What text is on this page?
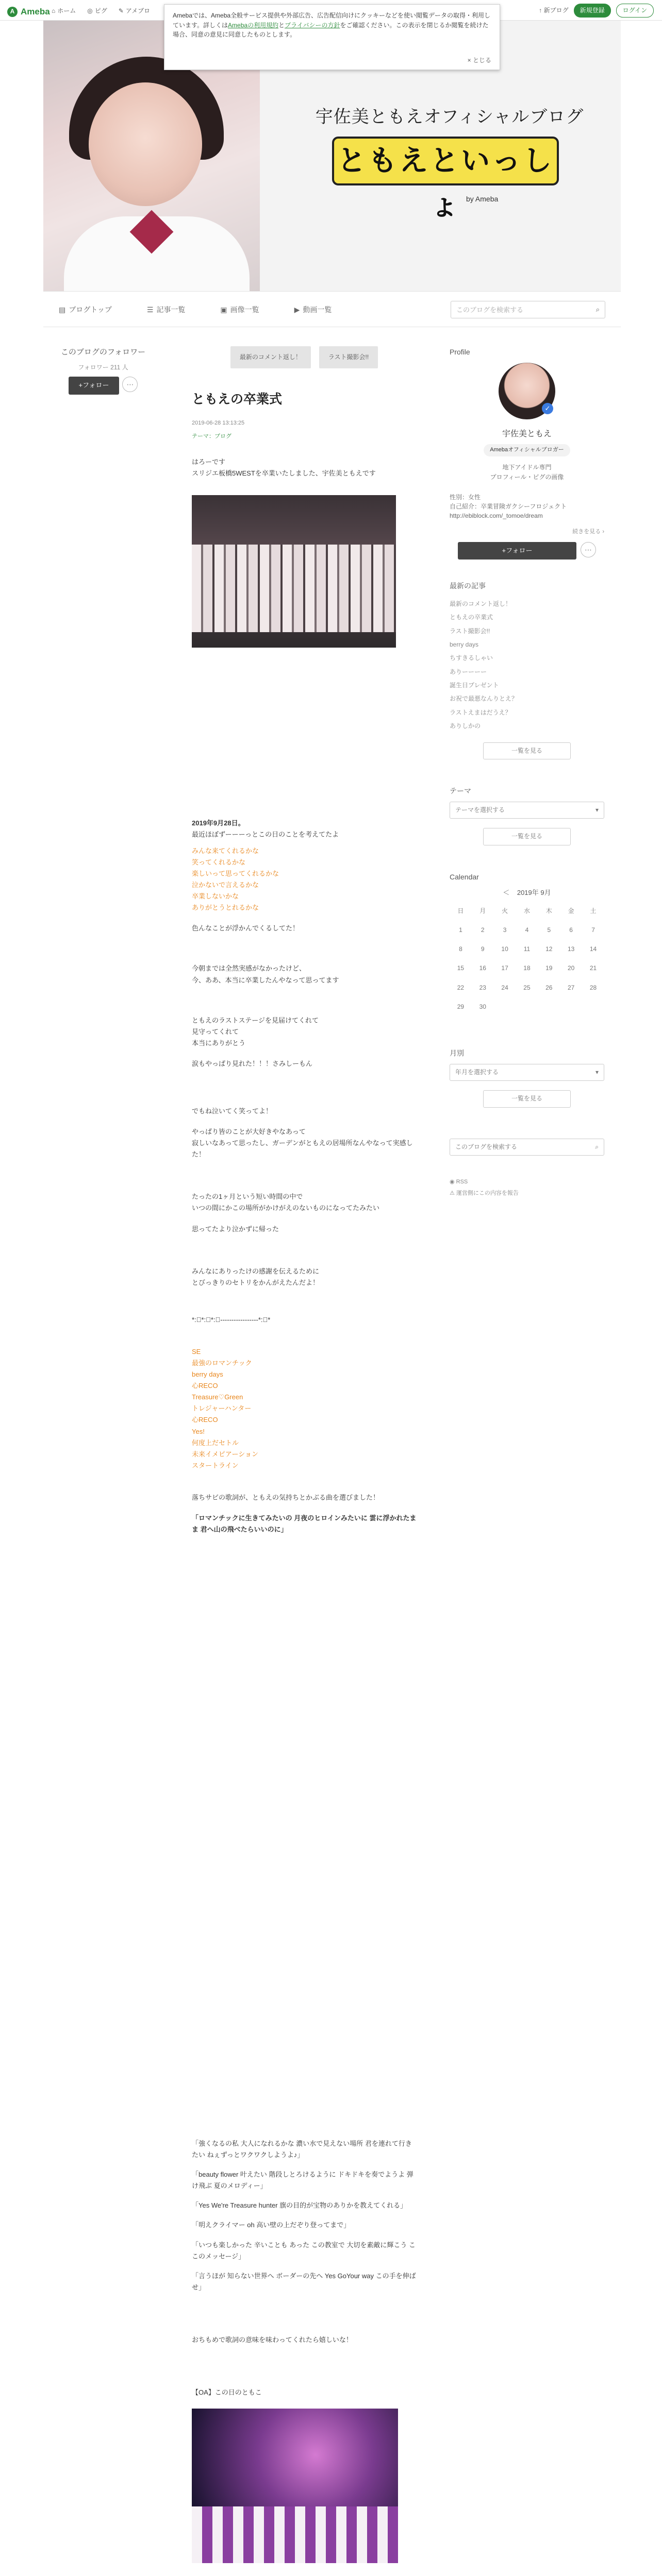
A Ameba ⌂ ホーム ◎ ピグ ✎ アメブロ	↑ 新ブログ	新規登録	ログイン
Amebaでは、Ameba全般サービス提供や外部広告、広告配信向けにクッキーなどを使い閲覧データの取得・利用しています。詳しくはAmebaの利用規約とプライバシーの方針をご確認ください。この表示を閉じるか閲覧を続けた場合、同意の意見に同意したものとします。
× とじる
宇佐美ともえオフィシャルブログ
ともえといっしょ by Ameba
▤ ブログトップ	☰ 記事一覧	▣ 画像一覧	▶ 動画一覧	このブログを検索する	⌕
このブログのフォロワー
フォロワー 211 人
+フォロー	⋯
最新のコメント返し！	ラスト撮影会!!
ともえの卒業式
2019-06-28 13:13:25
テーマ：ブログ

はろーです

スリジエ板橋5WESTを卒業いたしました、宇佐美ともえです

2019年9月28日。

最近ほぼずーーーっとこの日のことを考えてたよ

みんな来てくれるかな

笑ってくれるかな

楽しいって思ってくれるかな

泣かないで言えるかな

卒業しないかな

ありがとうとれるかな

色んなことが浮かんでくるしてた！

今朝までは全然実感がなかったけど、

今、ああ、本当に卒業したんやなって思ってます

ともえのラストステージを見届けてくれて

見守ってくれて

本当にありがとう

涙もやっぱり見れた！！！さみしーもん

でもね泣いてく笑ってよ！

やっぱり皆のことが大好きやなあって

寂しいなあって思ったし、ガーデンがともえの居場所なんやなって実感した！

たったの1ヶ月という短い時間の中で

いつの間にかこの場所がかけがえのないものになってたみたい

思ってたより泣かずに帰った

みんなにありったけの感謝を伝えるために

とびっきりのセトリをかんがえたんだよ！

*:ﾟ*:ﾟ*:ﾟ-----------------*:ﾟ*

SE

最強のロマンチック

berry days

心RECO

Treasure♡Green

トレジャーハンター

心RECO

Yes!

何度上だセトル

未来イメピアーション

スタートライン

落ちサビの歌詞が、ともえの気持ちとかぶる曲を選びました！

「ロマンチックに生きてみたいの 月夜のヒロインみたいに 雲に浮かれたまま 君へ山の飛べたらいいのに」

Profile
✓
宇佐美ともえ
Amebaオフィシャルブロガー
地下アイドル専門
プロフィール・ピグの画像
性別：女性
自己紹介：卒業冒険ガクシーフロジェクト
http://ebiblock.com/_tomoe/dream
続きを見る ›
+フォロー	⋯
最新の記事
最新のコメント返し！
ともえの卒業式
ラスト撮影会!!
berry days
ちすきるしゃい
ありーーーー
誕生日プレゼント
お祝で最悪なんりとえ？
ラストえまはだうえ？
ありしかの
一覧を見る
テーマ
テーマを選択する	▾
一覧を見る
Calendar
＜ 2019年 9月
日	月	火	水	木	金	土
1	2	3	4	5	6	7
8	9	10	11	12	13	14
15	16	17	18	19	20	21
22	23	24	25	26	27	28
29	30					
月別
年月を選択する	▾
一覧を見る
このブログを検索する	⌕
◉ RSS
⚠ 運営側にこの内容を報告

「強くなるの私 大人になれるかな 濃い水で見えない場所 君を連れて行きたい ねぇずっとワクワクしようよ♪」

「beauty flower 叶えたい 階段しとろけるように ドキドキを奏でようよ 弾け飛ぶ 夏のメロディー」

「Yes We're Treasure hunter 旗の目的が宝物のありかを教えてくれる」

「明えクライマー oh 高い壁の上だぞり登ってまで」

「いつも楽しかった 辛いことも あった この教室で 大切を素敵に輝こう ここのメッセージ」

「言うほが 知らない世界へ ボーダーの先へ Yes GoYour way この手を伸ばせ」

おちもめで歌詞の意味を味わってくれたら嬉しいな！

【OA】この日のともこ
